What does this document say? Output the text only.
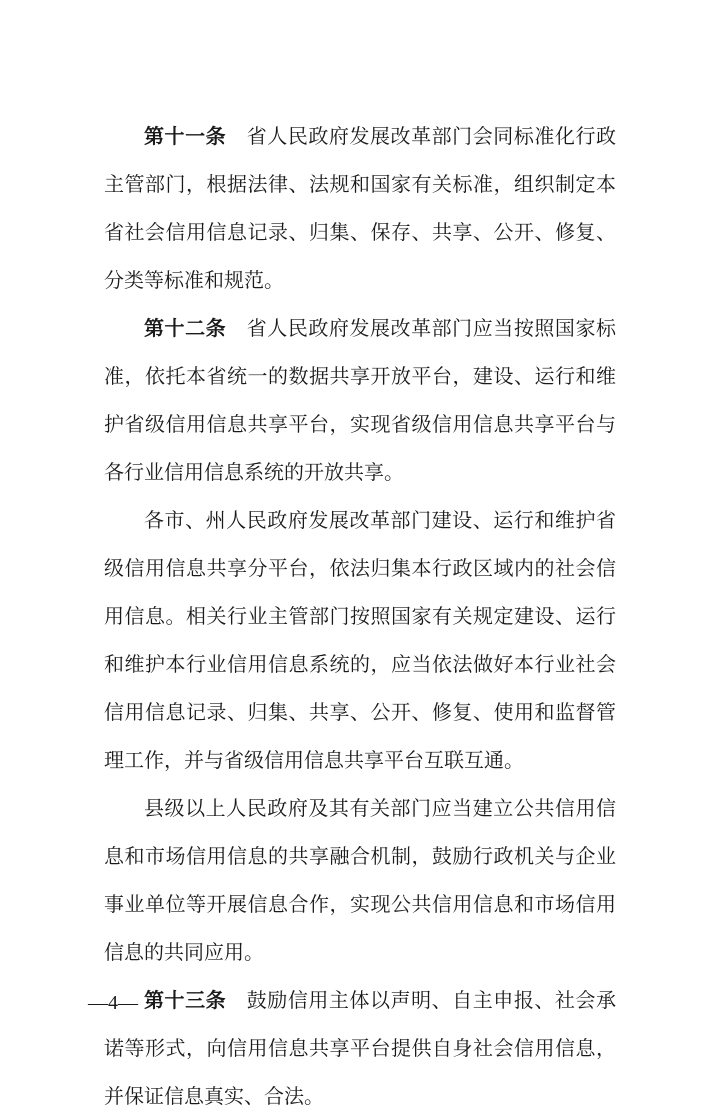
第十一条 省人民政府发展改革部门会同标准化行政主管部门，根据法律、法规和国家有关标准，组织制定本省社会信用信息记录、归集、保存、共享、公开、修复、分类等标准和规范。

第十二条 省人民政府发展改革部门应当按照国家标准，依托本省统一的数据共享开放平台，建设、运行和维护省级信用信息共享平台，实现省级信用信息共享平台与各行业信用信息系统的开放共享。

各市、州人民政府发展改革部门建设、运行和维护省级信用信息共享分平台，依法归集本行政区域内的社会信用信息。相关行业主管部门按照国家有关规定建设、运行和维护本行业信用信息系统的，应当依法做好本行业社会信用信息记录、归集、共享、公开、修复、使用和监督管理工作，并与省级信用信息共享平台互联互通。

县级以上人民政府及其有关部门应当建立公共信用信息和市场信用信息的共享融合机制，鼓励行政机关与企业事业单位等开展信息合作，实现公共信用信息和市场信用信息的共同应用。

第十三条 鼓励信用主体以声明、自主申报、社会承诺等形式，向信用信息共享平台提供自身社会信用信息，并保证信息真实、合法。

—4—
